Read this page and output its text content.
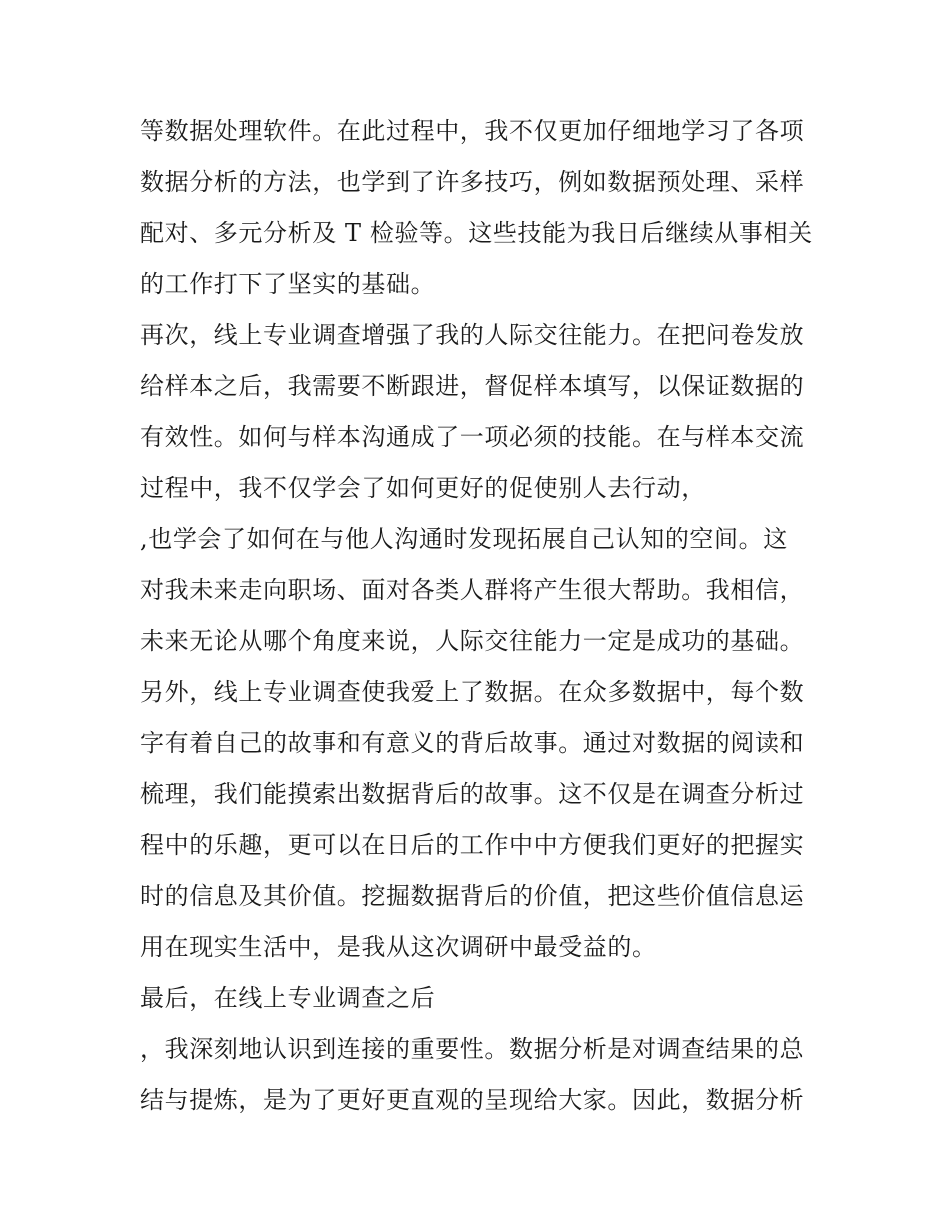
等数据处理软件。在此过程中，我不仅更加仔细地学习了各项
数据分析的方法，也学到了许多技巧，例如数据预处理、采样
配对、多元分析及 T 检验等。这些技能为我日后继续从事相关
的工作打下了坚实的基础。
再次，线上专业调查增强了我的人际交往能力。在把问卷发放
给样本之后，我需要不断跟进，督促样本填写，以保证数据的
有效性。如何与样本沟通成了一项必须的技能。在与样本交流
过程中，我不仅学会了如何更好的促使别人去行动，
,也学会了如何在与他人沟通时发现拓展自己认知的空间。这
对我未来走向职场、面对各类人群将产生很大帮助。我相信，
未来无论从哪个角度来说，人际交往能力一定是成功的基础。
另外，线上专业调查使我爱上了数据。在众多数据中，每个数
字有着自己的故事和有意义的背后故事。通过对数据的阅读和
梳理，我们能摸索出数据背后的故事。这不仅是在调查分析过
程中的乐趣，更可以在日后的工作中中方便我们更好的把握实
时的信息及其价值。挖掘数据背后的价值，把这些价值信息运
用在现实生活中，是我从这次调研中最受益的。
最后，在线上专业调查之后
，我深刻地认识到连接的重要性。数据分析是对调查结果的总
结与提炼，是为了更好更直观的呈现给大家。因此，数据分析
